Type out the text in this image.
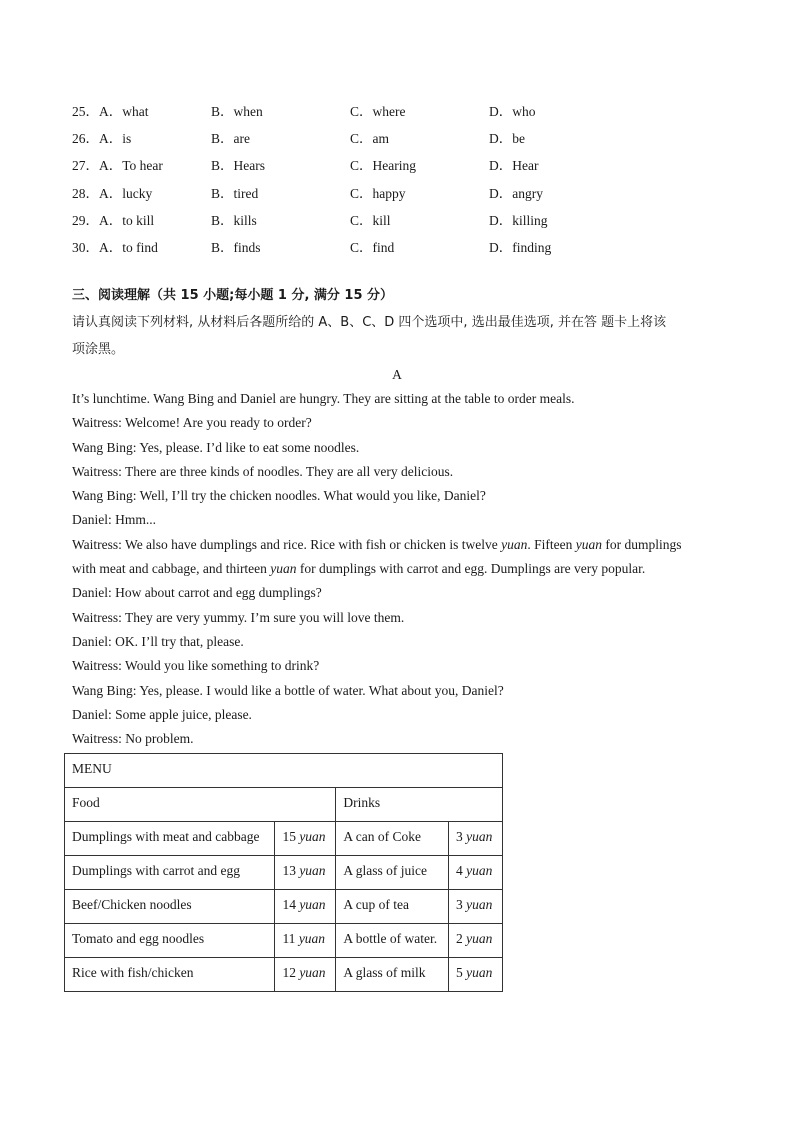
25．A．what	B．when	C．where	D．who
26．A．is	B．are	C．am	D．be
27．A．To hear	B．Hears	C．Hearing	D．Hear
28．A．lucky	B．tired	C．happy	D．angry
29．A．to kill	B．kills	C．kill	D．killing
30．A．to find	B．finds	C．find	D．finding
三、阅读理解（共 15 小题;每小题 1 分, 满分 15 分）
请认真阅读下列材料, 从材料后各题所给的 A、B、C、D 四个选项中, 选出最佳选项, 并在答 题卡上将该
项涂黑。
A

It’s lunchtime. Wang Bing and Daniel are hungry. They are sitting at the table to order meals.

Waitress: Welcome! Are you ready to order?

Wang Bing: Yes, please. I’d like to eat some noodles.

Waitress: There are three kinds of noodles. They are all very delicious.

Wang Bing: Well, I’ll try the chicken noodles. What would you like, Daniel?

Daniel: Hmm...

Waitress: We also have dumplings and rice. Rice with fish or chicken is twelve yuan. Fifteen yuan for dumplings

with meat and cabbage, and thirteen yuan for dumplings with carrot and egg. Dumplings are very popular.

Daniel: How about carrot and egg dumplings?

Waitress: They are very yummy. I’m sure you will love them.

Daniel: OK. I’ll try that, please.

Waitress: Would you like something to drink?

Wang Bing: Yes, please. I would like a bottle of water. What about you, Daniel?

Daniel: Some apple juice, please.

Waitress: No problem.

MENU			
Food		Drinks	
Dumplings with meat and cabbage	15 yuan	A can of Coke	3 yuan
Dumplings with carrot and egg	13 yuan	A glass of juice	4 yuan
Beef/Chicken noodles	14 yuan	A cup of tea	3 yuan
Tomato and egg noodles	11 yuan	A bottle of water.	2 yuan
Rice with fish/chicken	12 yuan	A glass of milk	5 yuan
